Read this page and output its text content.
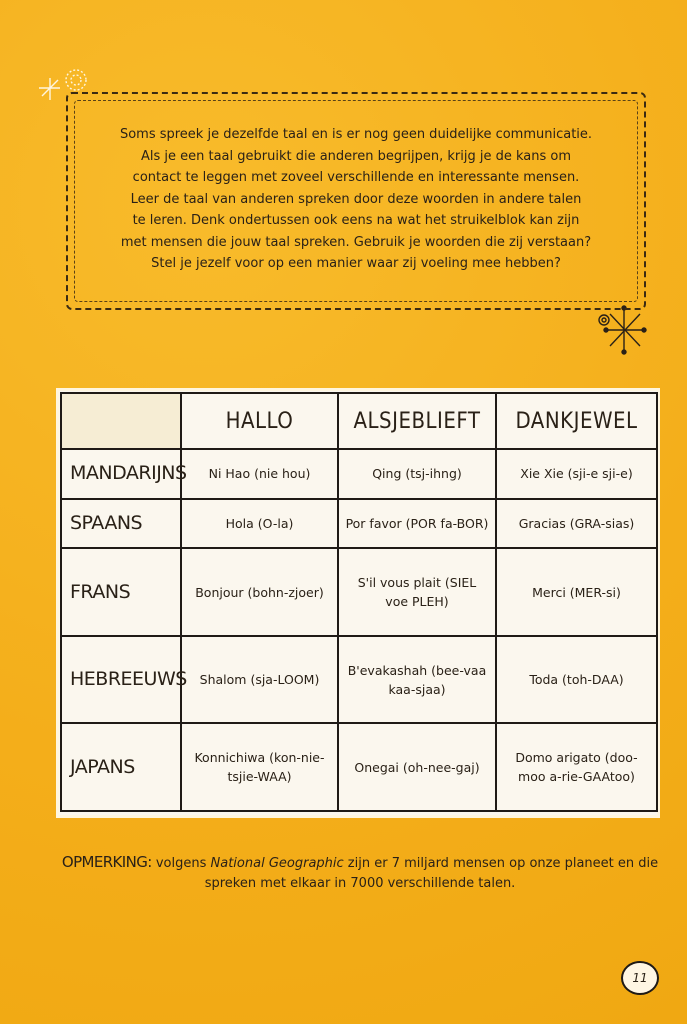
Soms spreek je dezelfde taal en is er nog geen duidelijke communicatie.
Als je een taal gebruikt die anderen begrijpen, krijg je de kans om
contact te leggen met zoveel verschillende en interessante mensen.
Leer de taal van anderen spreken door deze woorden in andere talen
te leren. Denk ondertussen ook eens na wat het struikelblok kan zijn
met mensen die jouw taal spreken. Gebruik je woorden die zij verstaan?
Stel je jezelf voor op een manier waar zij voeling mee hebben?

	HALLO	ALSJEBLIEFT	DANKJEWEL
MANDARIJNS	Ni Hao (nie hou)	Qing (tsj-ihng)	Xie Xie (sji-e sji-e)
SPAANS	Hola (O-la)	Por favor (POR fa-BOR)	Gracias (GRA-sias)
FRANS	Bonjour (bohn-zjoer)	S'il vous plait (SIEL voe PLEH)	Merci (MER-si)
HEBREEUWS	Shalom (sja-LOOM)	B'evakashah (bee-vaa kaa-sjaa)	Toda (toh-DAA)
JAPANS	Konnichiwa (kon-nie-tsjie-WAA)	Onegai (oh-nee-gaj)	Domo arigato (doo-moo a-rie-GAAtoo)
OPMERKING: volgens National Geographic zijn er 7 miljard mensen op onze planeet en die spreken met elkaar in 7000 verschillende talen.
11
